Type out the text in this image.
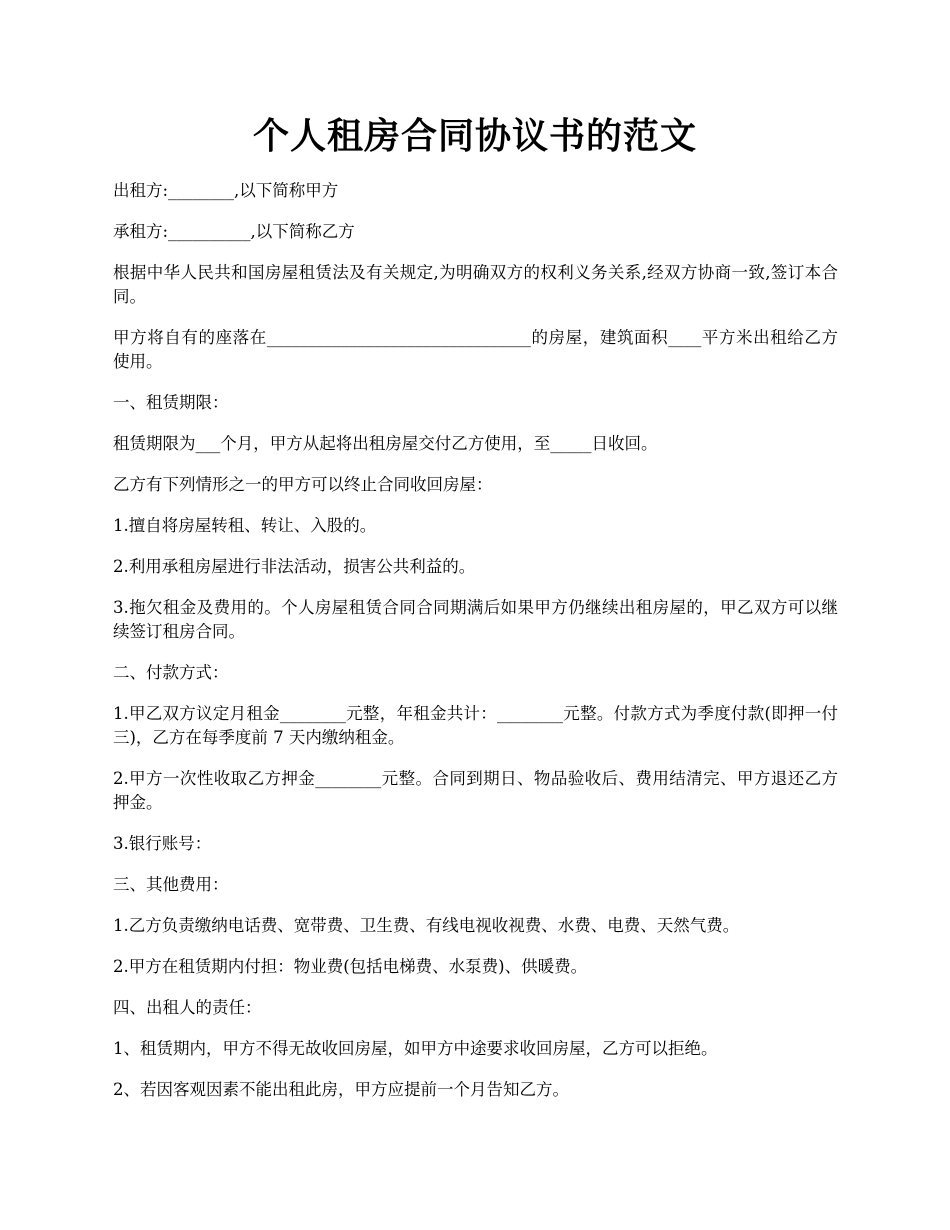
个人租房合同协议书的范文

出租方:________,以下简称甲方

承租方:__________,以下简称乙方

根据中华人民共和国房屋租赁法及有关规定,为明确双方的权利义务关系,经双方协商一致,签订本合同。

甲方将自有的座落在________________________________的房屋，建筑面积____平方米出租给乙方使用。

一、租赁期限：

租赁期限为___个月，甲方从起将出租房屋交付乙方使用，至_____日收回。

乙方有下列情形之一的甲方可以终止合同收回房屋：

1.擅自将房屋转租、转让、入股的。

2.利用承租房屋进行非法活动，损害公共利益的。

3.拖欠租金及费用的。个人房屋租赁合同合同期满后如果甲方仍继续出租房屋的，甲乙双方可以继续签订租房合同。

二、付款方式：

1.甲乙双方议定月租金________元整，年租金共计：________元整。付款方式为季度付款(即押一付三)，乙方在每季度前 7 天内缴纳租金。

2.甲方一次性收取乙方押金________元整。合同到期日、物品验收后、费用结清完、甲方退还乙方押金。

3.银行账号：

三、其他费用：

1.乙方负责缴纳电话费、宽带费、卫生费、有线电视收视费、水费、电费、天然气费。

2.甲方在租赁期内付担：物业费(包括电梯费、水泵费)、供暖费。

四、出租人的责任：

1、租赁期内，甲方不得无故收回房屋，如甲方中途要求收回房屋，乙方可以拒绝。

2、若因客观因素不能出租此房，甲方应提前一个月告知乙方。
